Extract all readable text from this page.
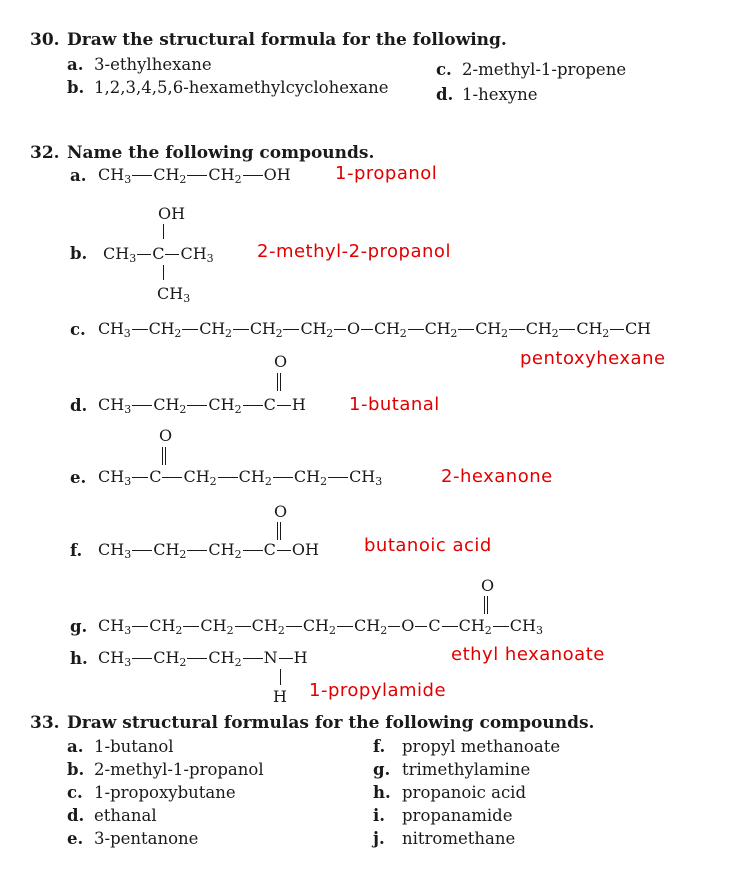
30. Draw the structural formula for the following.
a. 3-ethylhexane
b. 1,2,3,4,5,6-hexamethylcyclohexane
c. 2-methyl-1-propene
d. 1-hexyne
32. Name the following compounds.
a. $CH_3$ $CH_2$ $CH_2$ OH 1-propanol
OH
b. $CH_3$ C $CH_3$
$CH_3$
2-methyl-2-propanol
c. $CH_3$ $CH_2$ $CH_2$ $CH_2$ $CH_2$ O $CH_2$ $CH_2$ $CH_2$ $CH_2$ $CH_2$ CH
pentoxyhexane
O
d. $CH_3$ $CH_2$ $CH_2$ C H 1-butanal
O
e. $CH_3$ C $CH_2$ $CH_2$ $CH_2$ $CH_3$	2-hexanone
O
f. $CH_3$ $CH_2$ $CH_2$ C OH	butanoic acid
O
g. $CH_3$ $CH_2$ $CH_2$ $CH_2$ $CH_2$ $CH_2$ O C $CH_2$ $CH_3$
h. $CH_3$ $CH_2$ $CH_2$ N H
H
ethyl hexanoate
1-propylamide
33. Draw structural formulas for the following compounds.
a. 1-butanol
b. 2-methyl-1-propanol
c. 1-propoxybutane
d. ethanal
e. 3-pentanone
f. propyl methanoate
g. trimethylamine
h. propanoic acid
i. propanamide
j. nitromethane
